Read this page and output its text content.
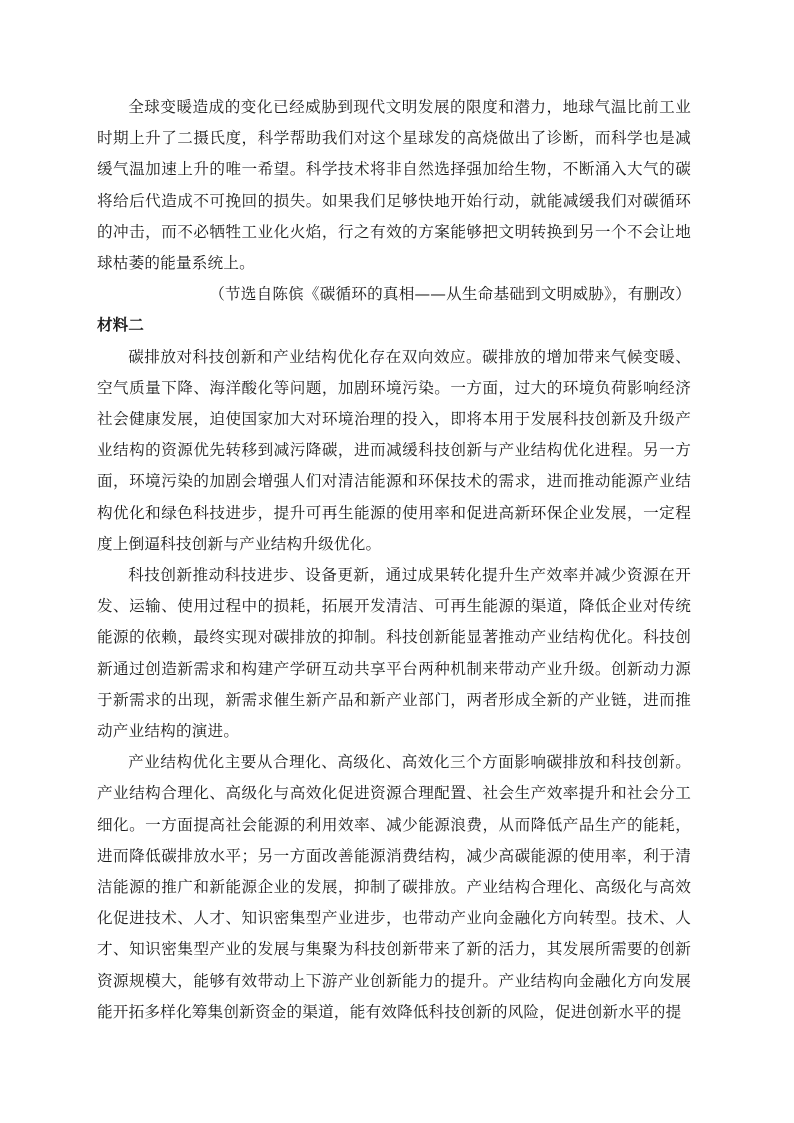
全球变暖造成的变化已经威胁到现代文明发展的限度和潜力，地球气温比前工业时期上升了二摄氏度，科学帮助我们对这个星球发的高烧做出了诊断，而科学也是减缓气温加速上升的唯一希望。科学技术将非自然选择强加给生物，不断涌入大气的碳将给后代造成不可挽回的损失。如果我们足够快地开始行动，就能减缓我们对碳循环的冲击，而不必牺牲工业化火焰，行之有效的方案能够把文明转换到另一个不会让地球枯萎的能量系统上。

（节选自陈傧《碳循环的真相——从生命基础到文明威胁》，有删改）

材料二

碳排放对科技创新和产业结构优化存在双向效应。碳排放的增加带来气候变暖、空气质量下降、海洋酸化等问题，加剧环境污染。一方面，过大的环境负荷影响经济社会健康发展，迫使国家加大对环境治理的投入，即将本用于发展科技创新及升级产业结构的资源优先转移到减污降碳，进而减缓科技创新与产业结构优化进程。另一方面，环境污染的加剧会增强人们对清洁能源和环保技术的需求，进而推动能源产业结构优化和绿色科技进步，提升可再生能源的使用率和促进高新环保企业发展，一定程度上倒逼科技创新与产业结构升级优化。

科技创新推动科技进步、设备更新，通过成果转化提升生产效率并减少资源在开发、运输、使用过程中的损耗，拓展开发清洁、可再生能源的渠道，降低企业对传统能源的依赖，最终实现对碳排放的抑制。科技创新能显著推动产业结构优化。科技创新通过创造新需求和构建产学研互动共享平台两种机制来带动产业升级。创新动力源于新需求的出现，新需求催生新产品和新产业部门，两者形成全新的产业链，进而推动产业结构的演进。

产业结构优化主要从合理化、高级化、高效化三个方面影响碳排放和科技创新。产业结构合理化、高级化与高效化促进资源合理配置、社会生产效率提升和社会分工细化。一方面提高社会能源的利用效率、减少能源浪费，从而降低产品生产的能耗，进而降低碳排放水平；另一方面改善能源消费结构，减少高碳能源的使用率，利于清洁能源的推广和新能源企业的发展，抑制了碳排放。产业结构合理化、高级化与高效化促进技术、人才、知识密集型产业进步，也带动产业向金融化方向转型。技术、人才、知识密集型产业的发展与集聚为科技创新带来了新的活力，其发展所需要的创新资源规模大，能够有效带动上下游产业创新能力的提升。产业结构向金融化方向发展能开拓多样化筹集创新资金的渠道，能有效降低科技创新的风险，促进创新水平的提
